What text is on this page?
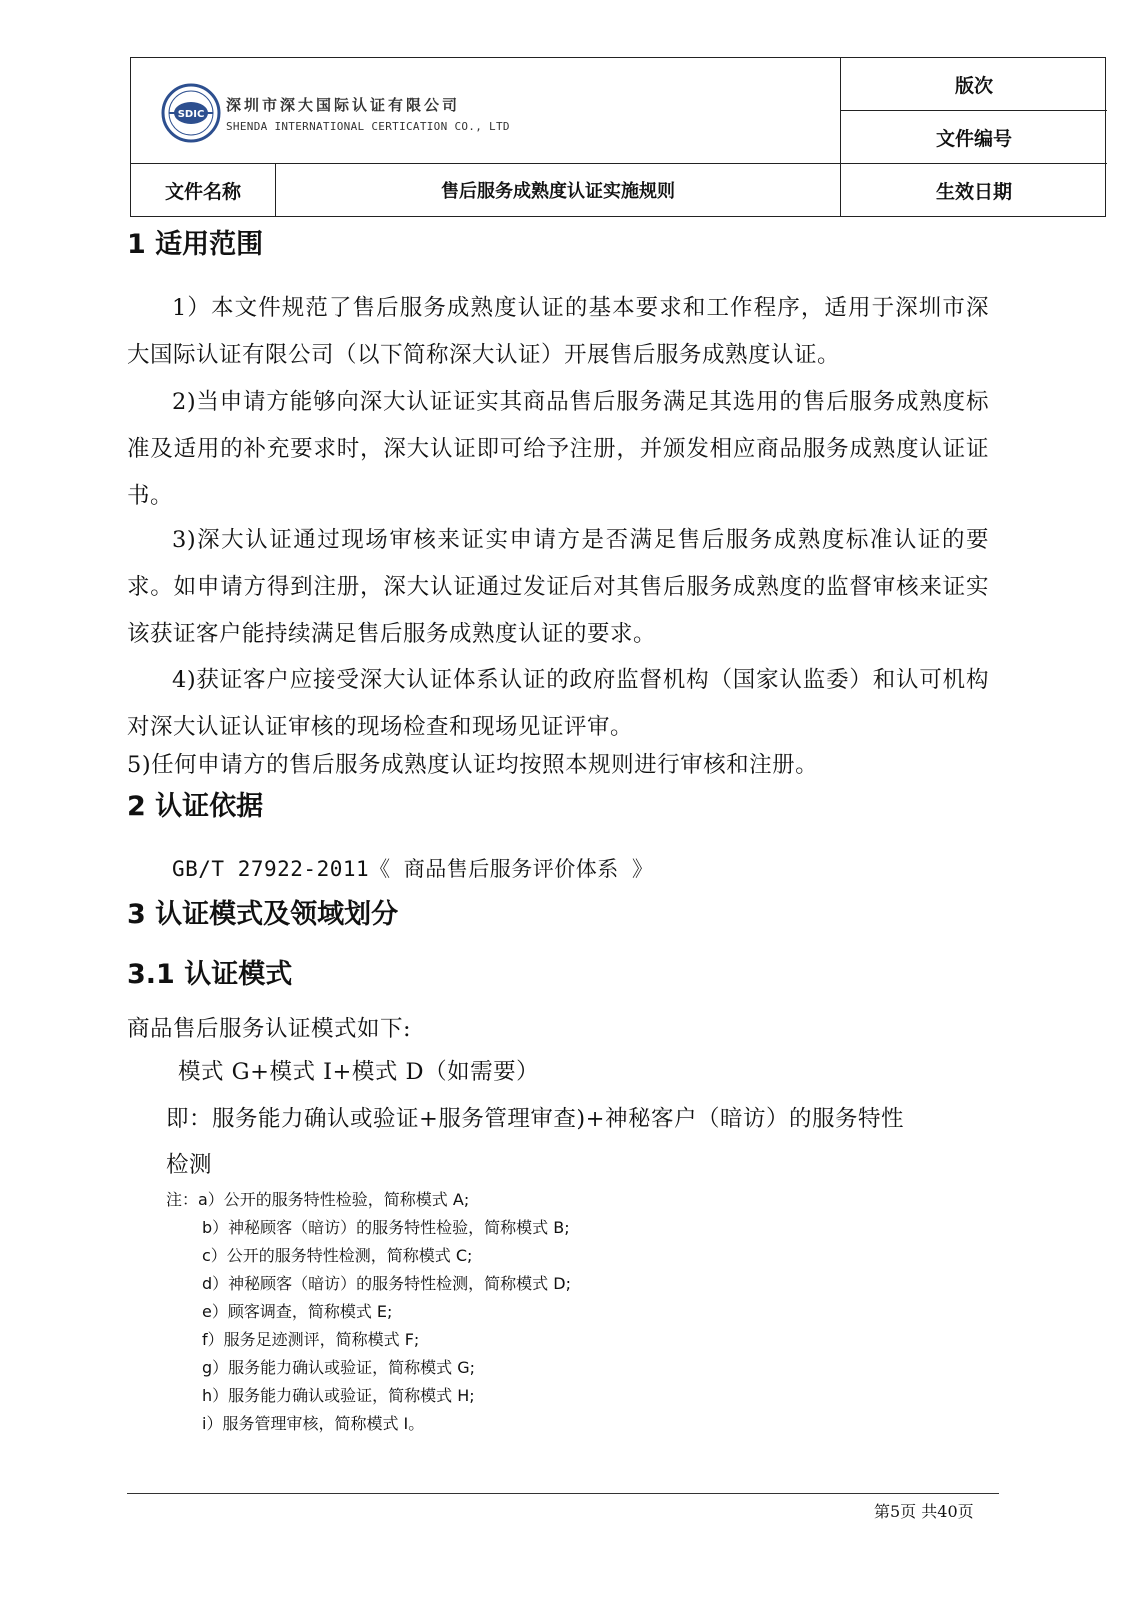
SDIC
深圳市深大国际认证有限公司
SHENDA INTERNATIONAL CERTICATION CO., LTD
版次
文件编号
文件名称	售后服务成熟度认证实施规则	生效日期
1 适用范围
1）本文件规范了售后服务成熟度认证的基本要求和工作程序，适用于深圳市深大国际认证有限公司（以下简称深大认证）开展售后服务成熟度认证。
2)当申请方能够向深大认证证实其商品售后服务满足其选用的售后服务成熟度标准及适用的补充要求时，深大认证即可给予注册，并颁发相应商品服务成熟度认证证书。
3)深大认证通过现场审核来证实申请方是否满足售后服务成熟度标准认证的要求。如申请方得到注册，深大认证通过发证后对其售后服务成熟度的监督审核来证实该获证客户能持续满足售后服务成熟度认证的要求。
4)获证客户应接受深大认证体系认证的政府监督机构（国家认监委）和认可机构对深大认证认证审核的现场检查和现场见证评审。
5)任何申请方的售后服务成熟度认证均按照本规则进行审核和注册。
2 认证依据
GB/T 27922-2011《 商品售后服务评价体系 》
3 认证模式及领域划分
3.1 认证模式
商品售后服务认证模式如下:
模式 G+模式 I+模式 D（如需要）
即：服务能力确认或验证+服务管理审查)+神秘客户（暗访）的服务特性
检测
注：a）公开的服务特性检验，简称模式 A;
b）神秘顾客（暗访）的服务特性检验，简称模式 B;
c）公开的服务特性检测，简称模式 C;
d）神秘顾客（暗访）的服务特性检测，简称模式 D;
e）顾客调查，简称模式 E;
f）服务足迹测评，简称模式 F;
g）服务能力确认或验证，简称模式 G;
h）服务能力确认或验证，简称模式 H;
i）服务管理审核，简称模式 I。
第5页 共40页
